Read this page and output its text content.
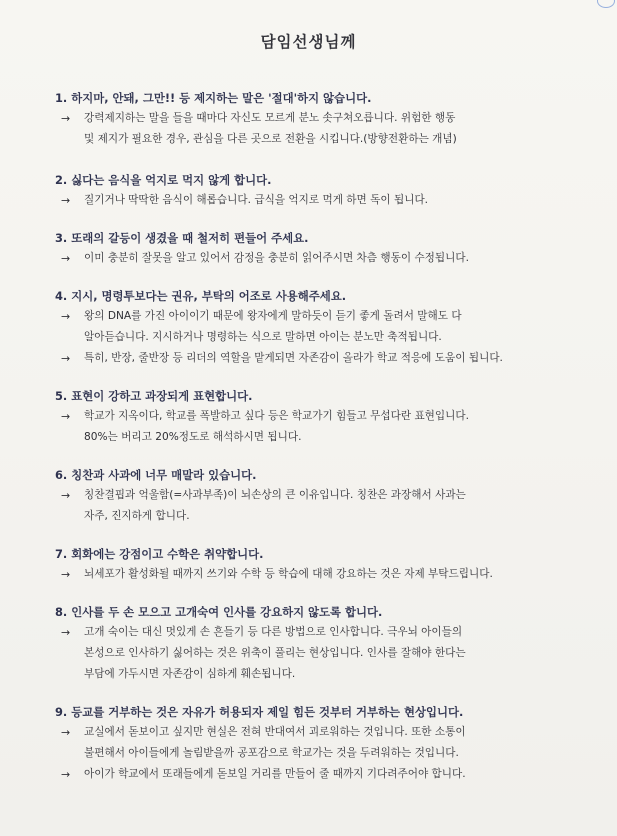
담임선생님께
1. 하지마, 안돼, 그만!! 등 제지하는 말은 '절대'하지 않습니다.
→ 강력제지하는 말을 들을 때마다 자신도 모르게 분노 솟구쳐오릅니다. 위험한 행동
및 제지가 필요한 경우, 관심을 다른 곳으로 전환을 시킵니다.(방향전환하는 개념)
2. 싫다는 음식을 억지로 먹지 않게 합니다.
→ 질기거나 딱딱한 음식이 해롭습니다. 급식을 억지로 먹게 하면 독이 됩니다.
3. 또래의 갈등이 생겼을 때 철저히 편들어 주세요.
→ 이미 충분히 잘못을 알고 있어서 감정을 충분히 읽어주시면 차츰 행동이 수정됩니다.
4. 지시, 명령투보다는 권유, 부탁의 어조로 사용해주세요.
→ 왕의 DNA를 가진 아이이기 때문에 왕자에게 말하듯이 듣기 좋게 돌려서 말해도 다
알아듣습니다. 지시하거나 명령하는 식으로 말하면 아이는 분노만 축적됩니다.
→ 특히, 반장, 줄반장 등 리더의 역할을 맡게되면 자존감이 올라가 학교 적응에 도움이 됩니다.
5. 표현이 강하고 과장되게 표현합니다.
→ 학교가 지옥이다, 학교를 폭발하고 싶다 등은 학교가기 힘들고 무섭다란 표현입니다.
80%는 버리고 20%정도로 해석하시면 됩니다.
6. 칭찬과 사과에 너무 매말라 있습니다.
→ 칭찬결핍과 억울함(=사과부족)이 뇌손상의 큰 이유입니다. 칭찬은 과장해서 사과는
자주, 진지하게 합니다.
7. 회화에는 강점이고 수학은 취약합니다.
→ 뇌세포가 활성화될 때까지 쓰기와 수학 등 학습에 대해 강요하는 것은 자제 부탁드립니다.
8. 인사를 두 손 모으고 고개숙여 인사를 강요하지 않도록 합니다.
→ 고개 숙이는 대신 멋있게 손 흔들기 등 다른 방법으로 인사합니다. 극우뇌 아이들의
본성으로 인사하기 싫어하는 것은 위축이 풀리는 현상입니다. 인사를 잘해야 한다는
부담에 가두시면 자존감이 심하게 훼손됩니다.
9. 등교를 거부하는 것은 자유가 허용되자 제일 힘든 것부터 거부하는 현상입니다.
→ 교실에서 돋보이고 싶지만 현실은 전혀 반대여서 괴로워하는 것입니다. 또한 소통이
불편해서 아이들에게 놀림받을까 공포감으로 학교가는 것을 두려워하는 것입니다.
→ 아이가 학교에서 또래들에게 돋보일 거리를 만들어 줄 때까지 기다려주어야 합니다.
